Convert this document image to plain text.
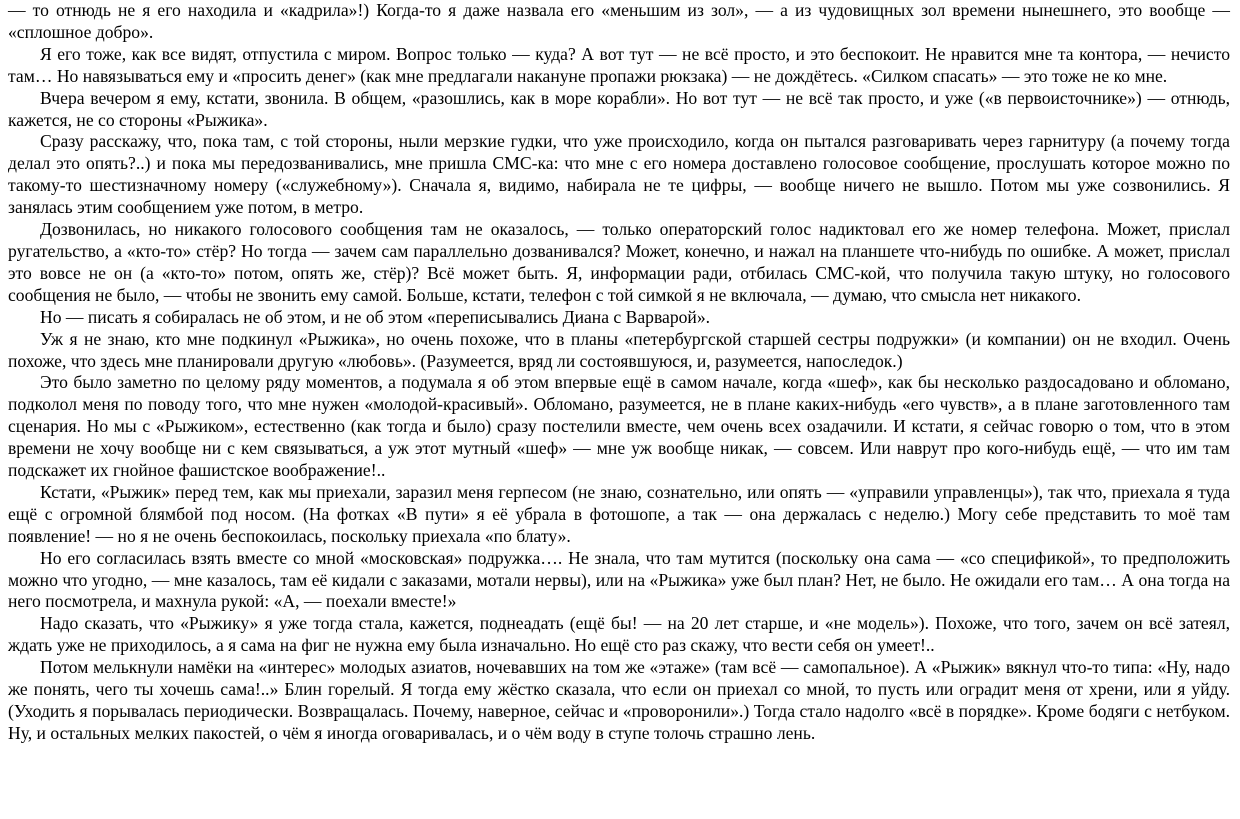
— то отнюдь не я его находила и «кадрила»!) Когда-то я даже назвала его «меньшим из зол», — а из чудовищных зол времени нынешнего, это вообще — «сплошное добро».

Я его тоже, как все видят, отпустила с миром. Вопрос только — куда? А вот тут — не всё просто, и это беспокоит. Не нравится мне та контора, — нечисто там… Но навязываться ему и «просить денег» (как мне предлагали накануне пропажи рюкзака) — не дождётесь. «Силком спасать» — это тоже не ко мне.

Вчера вечером я ему, кстати, звонила. В общем, «разошлись, как в море корабли». Но вот тут — не всё так просто, и уже («в первоисточнике») — отнюдь, кажется, не со стороны «Рыжика».

Сразу расскажу, что, пока там, с той стороны, ныли мерзкие гудки, что уже происходило, когда он пытался разговаривать через гарнитуру (а почему тогда делал это опять?..) и пока мы передозванивались, мне пришла СМС-ка: что мне с его номера доставлено голосовое сообщение, прослушать которое можно по такому-то шестизначному номеру («служебному»). Сначала я, видимо, набирала не те цифры, — вообще ничего не вышло. Потом мы уже созвонились. Я занялась этим сообщением уже потом, в метро.

Дозвонилась, но никакого голосового сообщения там не оказалось, — только операторский голос надиктовал его же номер телефона. Может, прислал ругательство, а «кто-то» стёр? Но тогда — зачем сам параллельно дозванивался? Может, конечно, и нажал на планшете что-нибудь по ошибке. А может, прислал это вовсе не он (а «кто-то» потом, опять же, стёр)? Всё может быть. Я, информации ради, отбилась СМС-кой, что получила такую штуку, но голосового сообщения не было, — чтобы не звонить ему самой. Больше, кстати, телефон с той симкой я не включала, — думаю, что смысла нет никакого.

Но — писать я собиралась не об этом, и не об этом «переписывались Диана с Варварой».

Уж я не знаю, кто мне подкинул «Рыжика», но очень похоже, что в планы «петербургской старшей сестры подружки» (и компании) он не входил. Очень похоже, что здесь мне планировали другую «любовь». (Разумеется, вряд ли состоявшуюся, и, разумеется, напоследок.)

Это было заметно по целому ряду моментов, а подумала я об этом впервые ещё в самом начале, когда «шеф», как бы несколько раздосадовано и обломано, подколол меня по поводу того, что мне нужен «молодой-красивый». Обломано, разумеется, не в плане каких-нибудь «его чувств», а в плане заготовленного там сценария. Но мы с «Рыжиком», естественно (как тогда и было) сразу постелили вместе, чем очень всех озадачили. И кстати, я сейчас говорю о том, что в этом времени не хочу вообще ни с кем связываться, а уж этот мутный «шеф» — мне уж вообще никак, — совсем. Или наврут про кого-нибудь ещё, — что им там подскажет их гнойное фашистское воображение!..

Кстати, «Рыжик» перед тем, как мы приехали, заразил меня герпесом (не знаю, сознательно, или опять — «управили управленцы»), так что, приехала я туда ещё с огромной блямбой под носом. (На фотках «В пути» я её убрала в фотошопе, а так — она держалась с неделю.) Могу себе представить то моё там появление! — но я не очень беспокоилась, поскольку приехала «по блату».

Но его согласилась взять вместе со мной «московская» подружка…. Не знала, что там мутится (поскольку она сама — «со спецификой», то предположить можно что угодно, — мне казалось, там её кидали с заказами, мотали нервы), или на «Рыжика» уже был план? Нет, не было. Не ожидали его там… А она тогда на него посмотрела, и махнула рукой: «А, — поехали вместе!»

Надо сказать, что «Рыжику» я уже тогда стала, кажется, поднеадать (ещё бы! — на 20 лет старше, и «не модель»). Похоже, что того, зачем он всё затеял, ждать уже не приходилось, а я сама на фиг не нужна ему была изначально. Но ещё сто раз скажу, что вести себя он умеет!..

Потом мелькнули намёки на «интерес» молодых азиатов, ночевавших на том же «этаже» (там всё — самопальное). А «Рыжик» вякнул что-то типа: «Ну, надо же понять, чего ты хочешь сама!..» Блин горелый. Я тогда ему жёстко сказала, что если он приехал со мной, то пусть или оградит меня от хрени, или я уйду. (Уходить я порывалась периодически. Возвращалась. Почему, наверное, сейчас и «проворонили».) Тогда стало надолго «всё в порядке». Кроме бодяги с нетбуком. Ну, и остальных мелких пакостей, о чём я иногда оговаривалась, и о чём воду в ступе толочь страшно лень.
